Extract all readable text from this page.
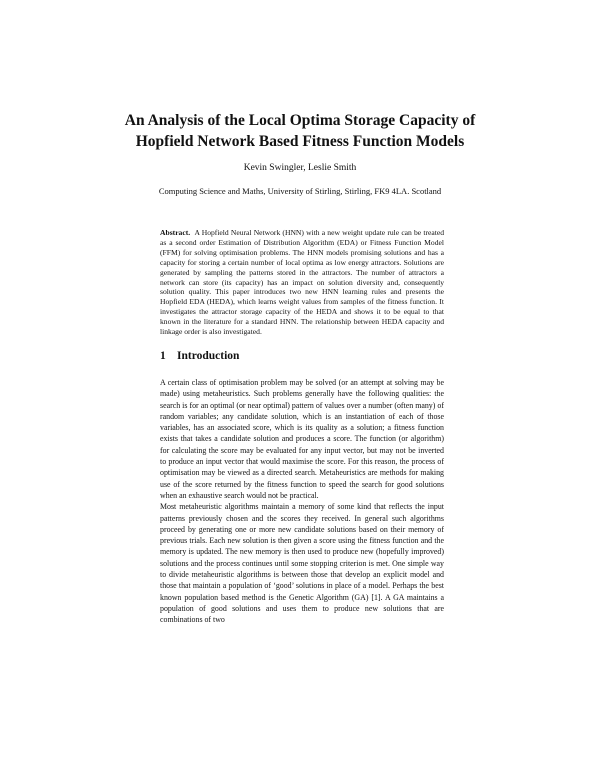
An Analysis of the Local Optima Storage Capacity of Hopfield Network Based Fitness Function Models

Kevin Swingler, Leslie Smith

Computing Science and Maths, University of Stirling, Stirling, FK9 4LA. Scotland

Abstract. A Hopfield Neural Network (HNN) with a new weight update rule can be treated as a second order Estimation of Distribution Algorithm (EDA) or Fitness Function Model (FFM) for solving optimisation problems. The HNN models promising solutions and has a capacity for storing a certain number of local optima as low energy attractors. Solutions are generated by sampling the patterns stored in the attractors. The number of attractors a network can store (its capacity) has an impact on solution diversity and, consequently solution quality. This paper introduces two new HNN learning rules and presents the Hopfield EDA (HEDA), which learns weight values from samples of the fitness function. It investigates the attractor storage capacity of the HEDA and shows it to be equal to that known in the literature for a standard HNN. The relationship between HEDA capacity and linkage order is also investigated.

1 Introduction

A certain class of optimisation problem may be solved (or an attempt at solving may be made) using metaheuristics. Such problems generally have the following qualities: the search is for an optimal (or near optimal) pattern of values over a number (often many) of random variables; any candidate solution, which is an instantiation of each of those variables, has an associated score, which is its quality as a solution; a fitness function exists that takes a candidate solution and produces a score. The function (or algorithm) for calculating the score may be evaluated for any input vector, but may not be inverted to produce an input vector that would maximise the score. For this reason, the process of optimisation may be viewed as a directed search. Metaheuristics are methods for making use of the score returned by the fitness function to speed the search for good solutions when an exhaustive search would not be practical.

Most metaheuristic algorithms maintain a memory of some kind that reflects the input patterns previously chosen and the scores they received. In general such algorithms proceed by generating one or more new candidate solutions based on their memory of previous trials. Each new solution is then given a score using the fitness function and the memory is updated. The new memory is then used to produce new (hopefully improved) solutions and the process continues until some stopping criterion is met. One simple way to divide metaheuristic algorithms is between those that develop an explicit model and those that maintain a population of ‘good’ solutions in place of a model. Perhaps the best known population based method is the Genetic Algorithm (GA) [1]. A GA maintains a population of good solutions and uses them to produce new solutions that are combinations of two
